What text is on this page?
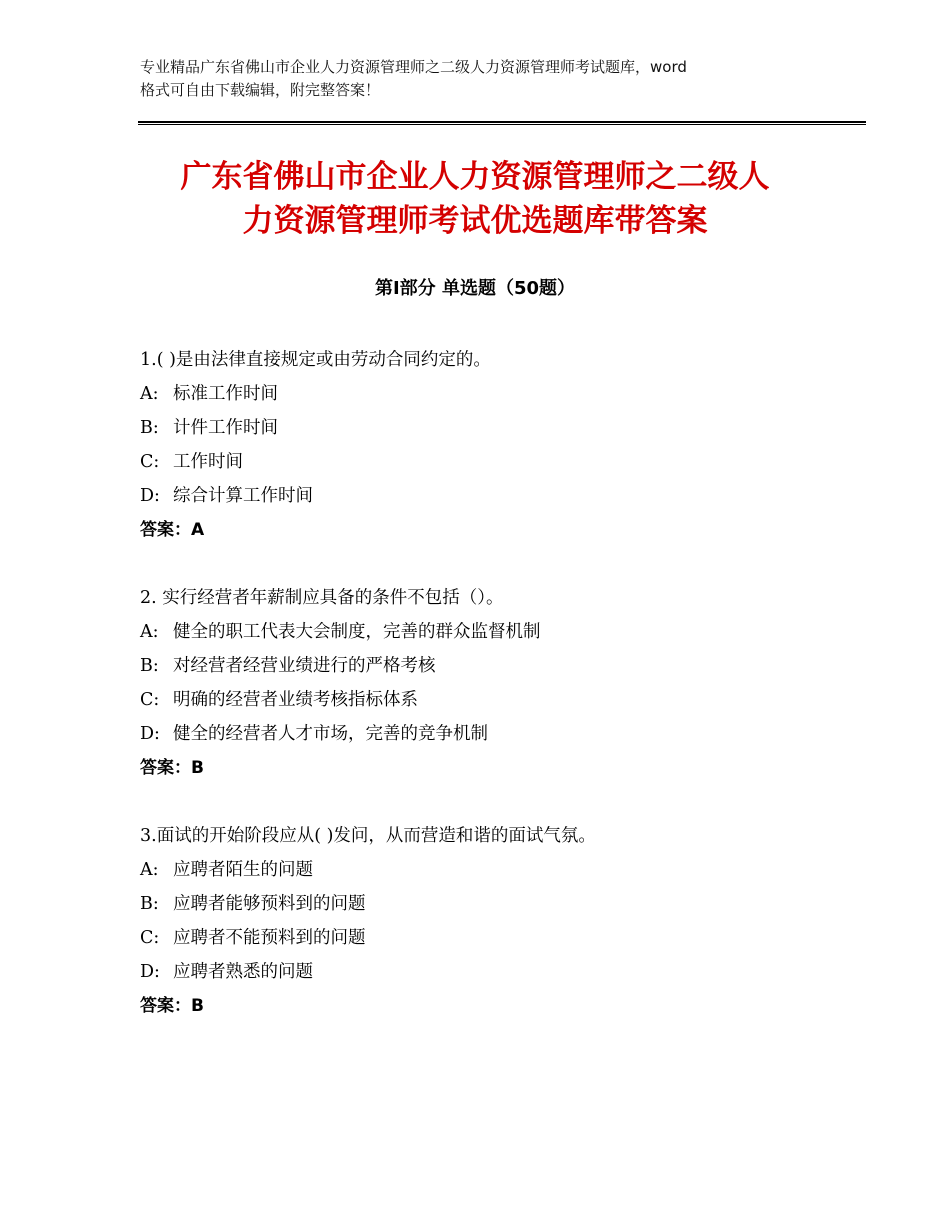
专业精品广东省佛山市企业人力资源管理师之二级人力资源管理师考试题库，word
格式可自由下载编辑，附完整答案！
广东省佛山市企业人力资源管理师之二级人
力资源管理师考试优选题库带答案
第Ⅰ部分 单选题（50题）
1.( )是由法律直接规定或由劳动合同约定的。
A: 标准工作时间
B: 计件工作时间
C: 工作时间
D: 综合计算工作时间
答案：A
2. 实行经营者年薪制应具备的条件不包括（）。
A: 健全的职工代表大会制度，完善的群众监督机制
B: 对经营者经营业绩进行的严格考核
C: 明确的经营者业绩考核指标体系
D: 健全的经营者人才市场，完善的竞争机制
答案：B
3.面试的开始阶段应从( )发问，从而营造和谐的面试气氛。
A: 应聘者陌生的问题
B: 应聘者能够预料到的问题
C: 应聘者不能预料到的问题
D: 应聘者熟悉的问题
答案：B
